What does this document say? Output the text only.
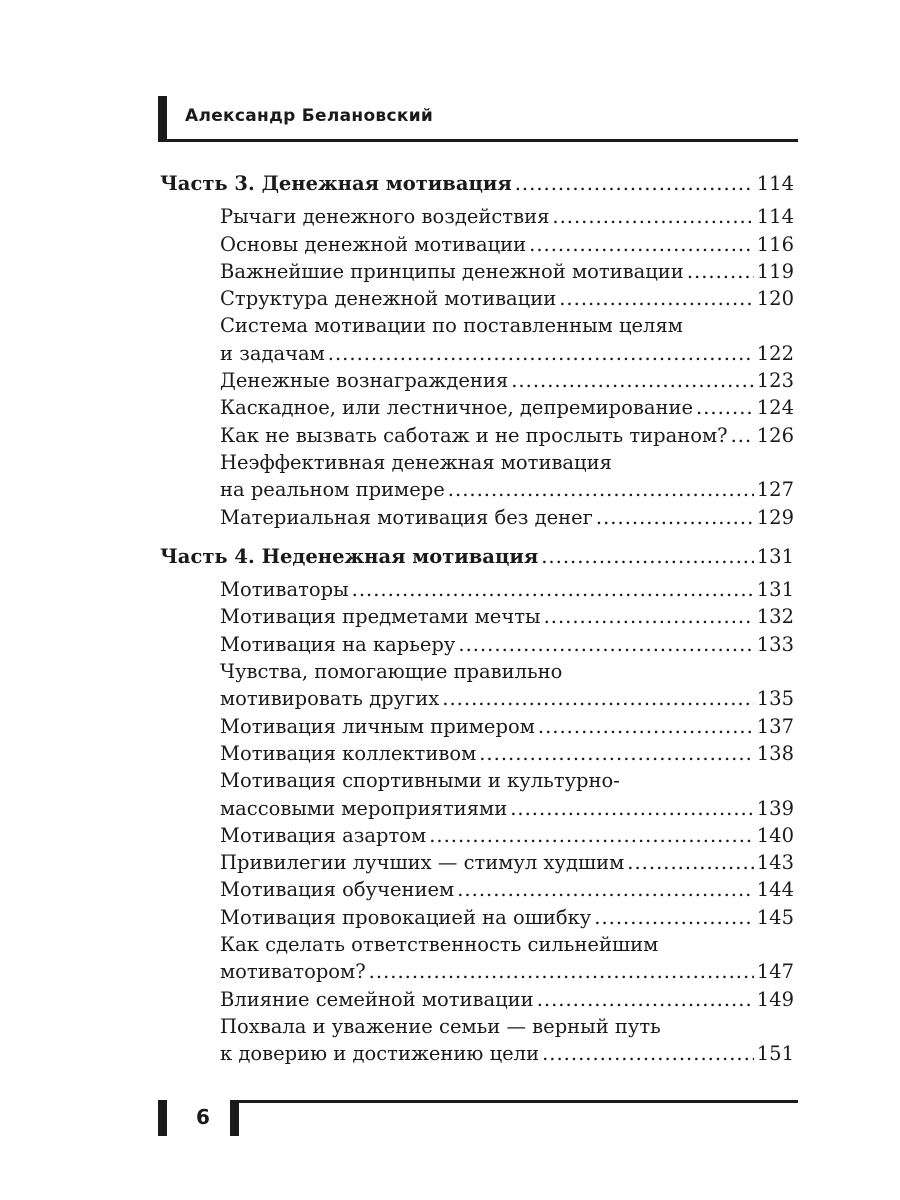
Александр Белановский
Часть 3. Денежная мотивация .....	114
Рычаги денежного воздействия .....	114
Основы денежной мотивации .....	116
Важнейшие принципы денежной мотивации .....	119
Структура денежной мотивации .....	120
Система мотивации по поставленным целям
и задачам .....	122
Денежные вознаграждения .....	123
Каскадное, или лестничное, депремирование .....	124
Как не вызвать саботаж и не прослыть тираном? ..... 126
Неэффективная денежная мотивация
на реальном примере .....	127
Материальная мотивация без денег .....	129
Часть 4. Неденежная мотивация .....	131
Мотиваторы .....	131
Мотивация предметами мечты .....	132
Мотивация на карьеру .....	133
Чувства, помогающие правильно
мотивировать других .....	135
Мотивация личным примером .....	137
Мотивация коллективом .....	138
Мотивация спортивными и культурно-
массовыми мероприятиями .....	139
Мотивация азартом .....	140
Привилегии лучших — стимул худшим .....	143
Мотивация обучением .....	144
Мотивация провокацией на ошибку .....	145
Как сделать ответственность сильнейшим
мотиватором? .....	147
Влияние семейной мотивации .....	149
Похвала и уважение семьи — верный путь
к доверию и достижению цели .....	151
6
